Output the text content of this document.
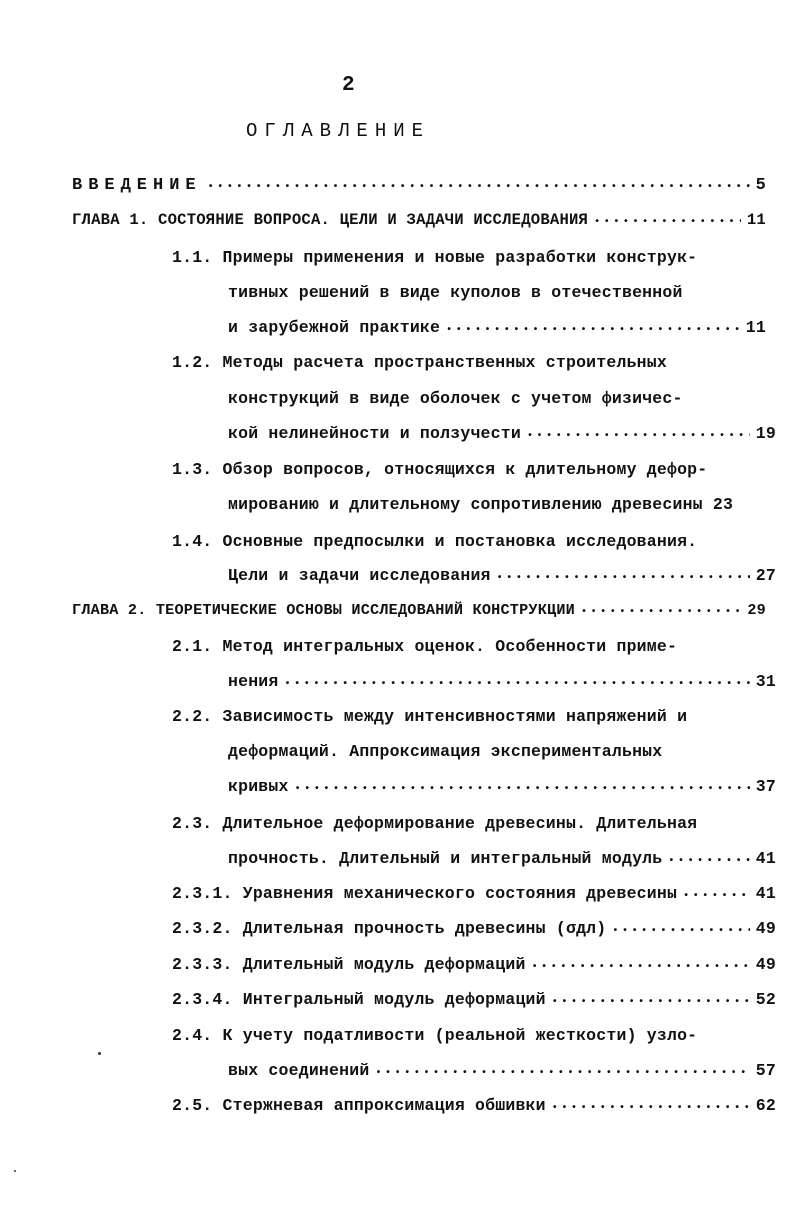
2
ОГЛАВЛЕНИЕ
ВВЕДЕНИЕ •••••	5
ГЛАВА 1. СОСТОЯНИЕ ВОПРОСА. ЦЕЛИ И ЗАДАЧИ ИССЛЕДОВАНИЯ •••••	11
1.1. Примеры применения и новые разработки конструк-
тивных решений в виде куполов в отечественной
и зарубежной практике •••••	11
1.2. Методы расчета пространственных строительных
конструкций в виде оболочек с учетом физичес-
кой нелинейности и ползучести •••••	19
1.3. Обзор вопросов, относящихся к длительному дефор-
мированию и длительному сопротивлению древесины 23
1.4. Основные предпосылки и постановка исследования.
Цели и задачи исследования •••••	27
ГЛАВА 2. ТЕОРЕТИЧЕСКИЕ ОСНОВЫ ИССЛЕДОВАНИЙ КОНСТРУКЦИИ •••••	29
2.1. Метод интегральных оценок. Особенности приме-
нения •••••	31
2.2. Зависимость между интенсивностями напряжений и
деформаций. Аппроксимация экспериментальных
кривых •••••	37
2.3. Длительное деформирование древесины. Длительная
прочность. Длительный и интегральный модуль •••••	41
2.3.1. Уравнения механического состояния древесины •••••	41
2.3.2. Длительная прочность древесины (σдл) •••••	49
2.3.3. Длительный модуль деформаций •••••	49
2.3.4. Интегральный модуль деформаций •••••	52
2.4. К учету податливости (реальной жесткости) узло-
вых соединений •••••	57
2.5. Стержневая аппроксимация обшивки •••••	62
